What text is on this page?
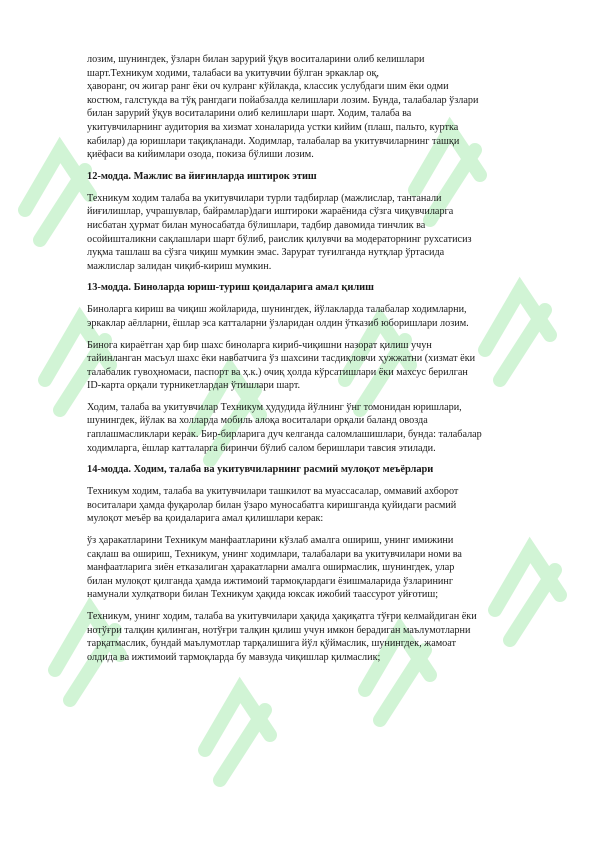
лозим, шунингдек, ўзларн билан зарурий ўқув воситаларини олиб келишлари
шарт.Техникум ходими, талабаси ва укитувчии бўлган эркаклар оқ,
ҳаворанг, оч жигар ранг ёки оч кулранг кўйлакда, классик услубдаги шим ёки одми
костюм, галстукда ва тўқ рангдаги пойабзалда келишлари лозим. Бунда, талабалар ўзлари
билан зарурий ўқув воситаларини олиб келишлари шарт. Ходим, талаба ва
укитувчиларнинг аудитория ва хизмат хоналарида устки кийим (плаш, пальто, куртка
кабилар) да юришлари тақиқланади. Ходимлар, талабалар ва укитувчиларнинг ташқи
қиёфаси ва кийимлари озода, покиза бўлиши лозим.
12-модда. Мажлис ва йиғинларда иштирок этиш
Техникум ходим талаба ва укитувчилари турли тадбирлар (мажлислар, тантанали
йиғилишлар, учрашувлар, байрамлар)даги иштироки жараёнида сўзга чиқувчиларга
нисбатан ҳурмат билан муносабатда бўлишлари, тадбир давомида тинчлик ва
осойишталикни сақлашлари шарт бўлиб, раислик қилувчи ва модераторнинг рухсатисиз
луқма ташлаш ва сўзга чиқиш мумкин эмас. Зарурат туғилганда нутқлар ўртасида
мажлислар залидан чиқиб-кириш мумкин.
13-модда. Биноларда юриш-туриш қоидаларига амал қилиш
Биноларга кириш ва чиқиш жойларида, шунингдек, йўлакларда талабалар ходимларни,
эркаклар аёлларни, ёшлар эса катталарни ўзларидан олдин ўтказиб юборишлари лозим.
Бинога кираётган ҳар бир шахс биноларга кириб-чиқишни назорат қилиш учун
тайинланган масъул шахс ёки навбатчига ўз шахсини тасдиқловчи ҳужжатни (хизмат ёки
талабалик гувоҳномаси, паспорт ва ҳ.к.) очиқ ҳолда кўрсатишлари ёки махсус берилган
ID-карта орқали турникетлардан ўтишлари шарт.
Ходим, талаба ва укитувчилар Техникум ҳудудида йўлнинг ўнг томонидан юришлари,
шунингдек, йўлак ва холларда мобиль алоқа воситалари орқали баланд овозда
гаплашмасликлари керак. Бир-бирларига дуч келганда саломлашишлари, бунда: талабалар
ходимларга, ёшлар катталарга биринчи бўлиб салом беришлари тавсия этилади.
14-модда. Ходим, талаба ва укитувчиларнинг расмий мулоқот меъёрлари
Техникум ходим, талаба ва укитувчилари ташкилот ва муассасалар, оммавий ахборот
воситалари ҳамда фуқаролар билан ўзаро муносабатга киришганда қуйидаги расмий
мулоқот меъёр ва қоидаларига амал қилишлари керак:
ўз ҳаракатларини Техникум манфаатларини кўзлаб амалга ошириш, унинг имижини
сақлаш ва ошириш, Техникум, унинг ходимлари, талабалари ва укитувчилари номи ва
манфаатларига зиён етказалиган ҳаракатларни амалга оширмаслик, шунингдек, улар
билан мулоқот қилганда ҳамда ижтимоий тармоқлардаги ёзишмаларида ўзларининг
намунали хулқатвори билан Техникум ҳақида юксак ижобий таассурот уйғотиш;
Техникум, унинг ходим, талаба ва укитувчилари ҳақида ҳақиқатга тўғри келмайдиган ёки
нотўғри талқин қилинган, нотўғри талқин қилиш учун имкон берадиган маълумотларни
тарқатмаслик, бундай маълумотлар тарқалишига йўл қўймаслик, шунингдек, жамоат
олдида ва ижтимоий тармоқларда бу мавзуда чиқишлар қилмаслик;
